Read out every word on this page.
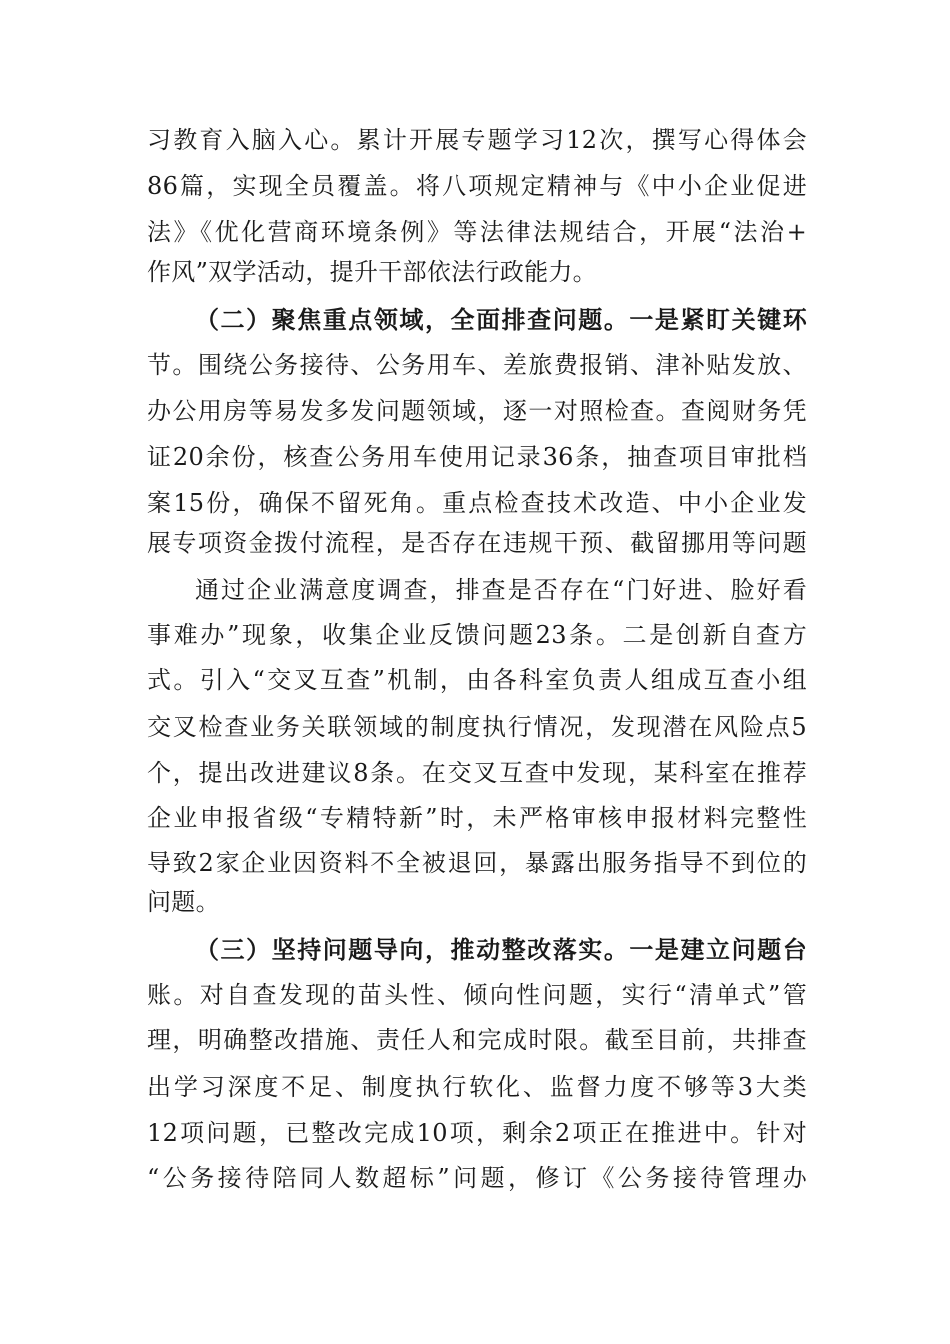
习教育入脑入心。累计开展专题学习12次，撰写心得体会
86篇，实现全员覆盖。将八项规定精神与《中小企业促进
法》《优化营商环境条例》等法律法规结合，开展“法治+
作风”双学活动，提升干部依法行政能力。
（二）聚焦重点领域，全面排查问题。一是紧盯关键环
节。围绕公务接待、公务用车、差旅费报销、津补贴发放、
办公用房等易发多发问题领域，逐一对照检查。查阅财务凭
证20余份，核查公务用车使用记录36条，抽查项目审批档
案15份，确保不留死角。重点检查技术改造、中小企业发
展专项资金拨付流程，是否存在违规干预、截留挪用等问题
通过企业满意度调查，排查是否存在“门好进、脸好看
事难办”现象，收集企业反馈问题23条。二是创新自查方
式。引入“交叉互查”机制，由各科室负责人组成互查小组
交叉检查业务关联领域的制度执行情况，发现潜在风险点5
个，提出改进建议8条。在交叉互查中发现，某科室在推荐
企业申报省级“专精特新”时，未严格审核申报材料完整性
导致2家企业因资料不全被退回，暴露出服务指导不到位的
问题。
（三）坚持问题导向，推动整改落实。一是建立问题台
账。对自查发现的苗头性、倾向性问题，实行“清单式”管
理，明确整改措施、责任人和完成时限。截至目前，共排查
出学习深度不足、制度执行软化、监督力度不够等3大类
12项问题，已整改完成10项，剩余2项正在推进中。针对
“公务接待陪同人数超标”问题，修订《公务接待管理办
